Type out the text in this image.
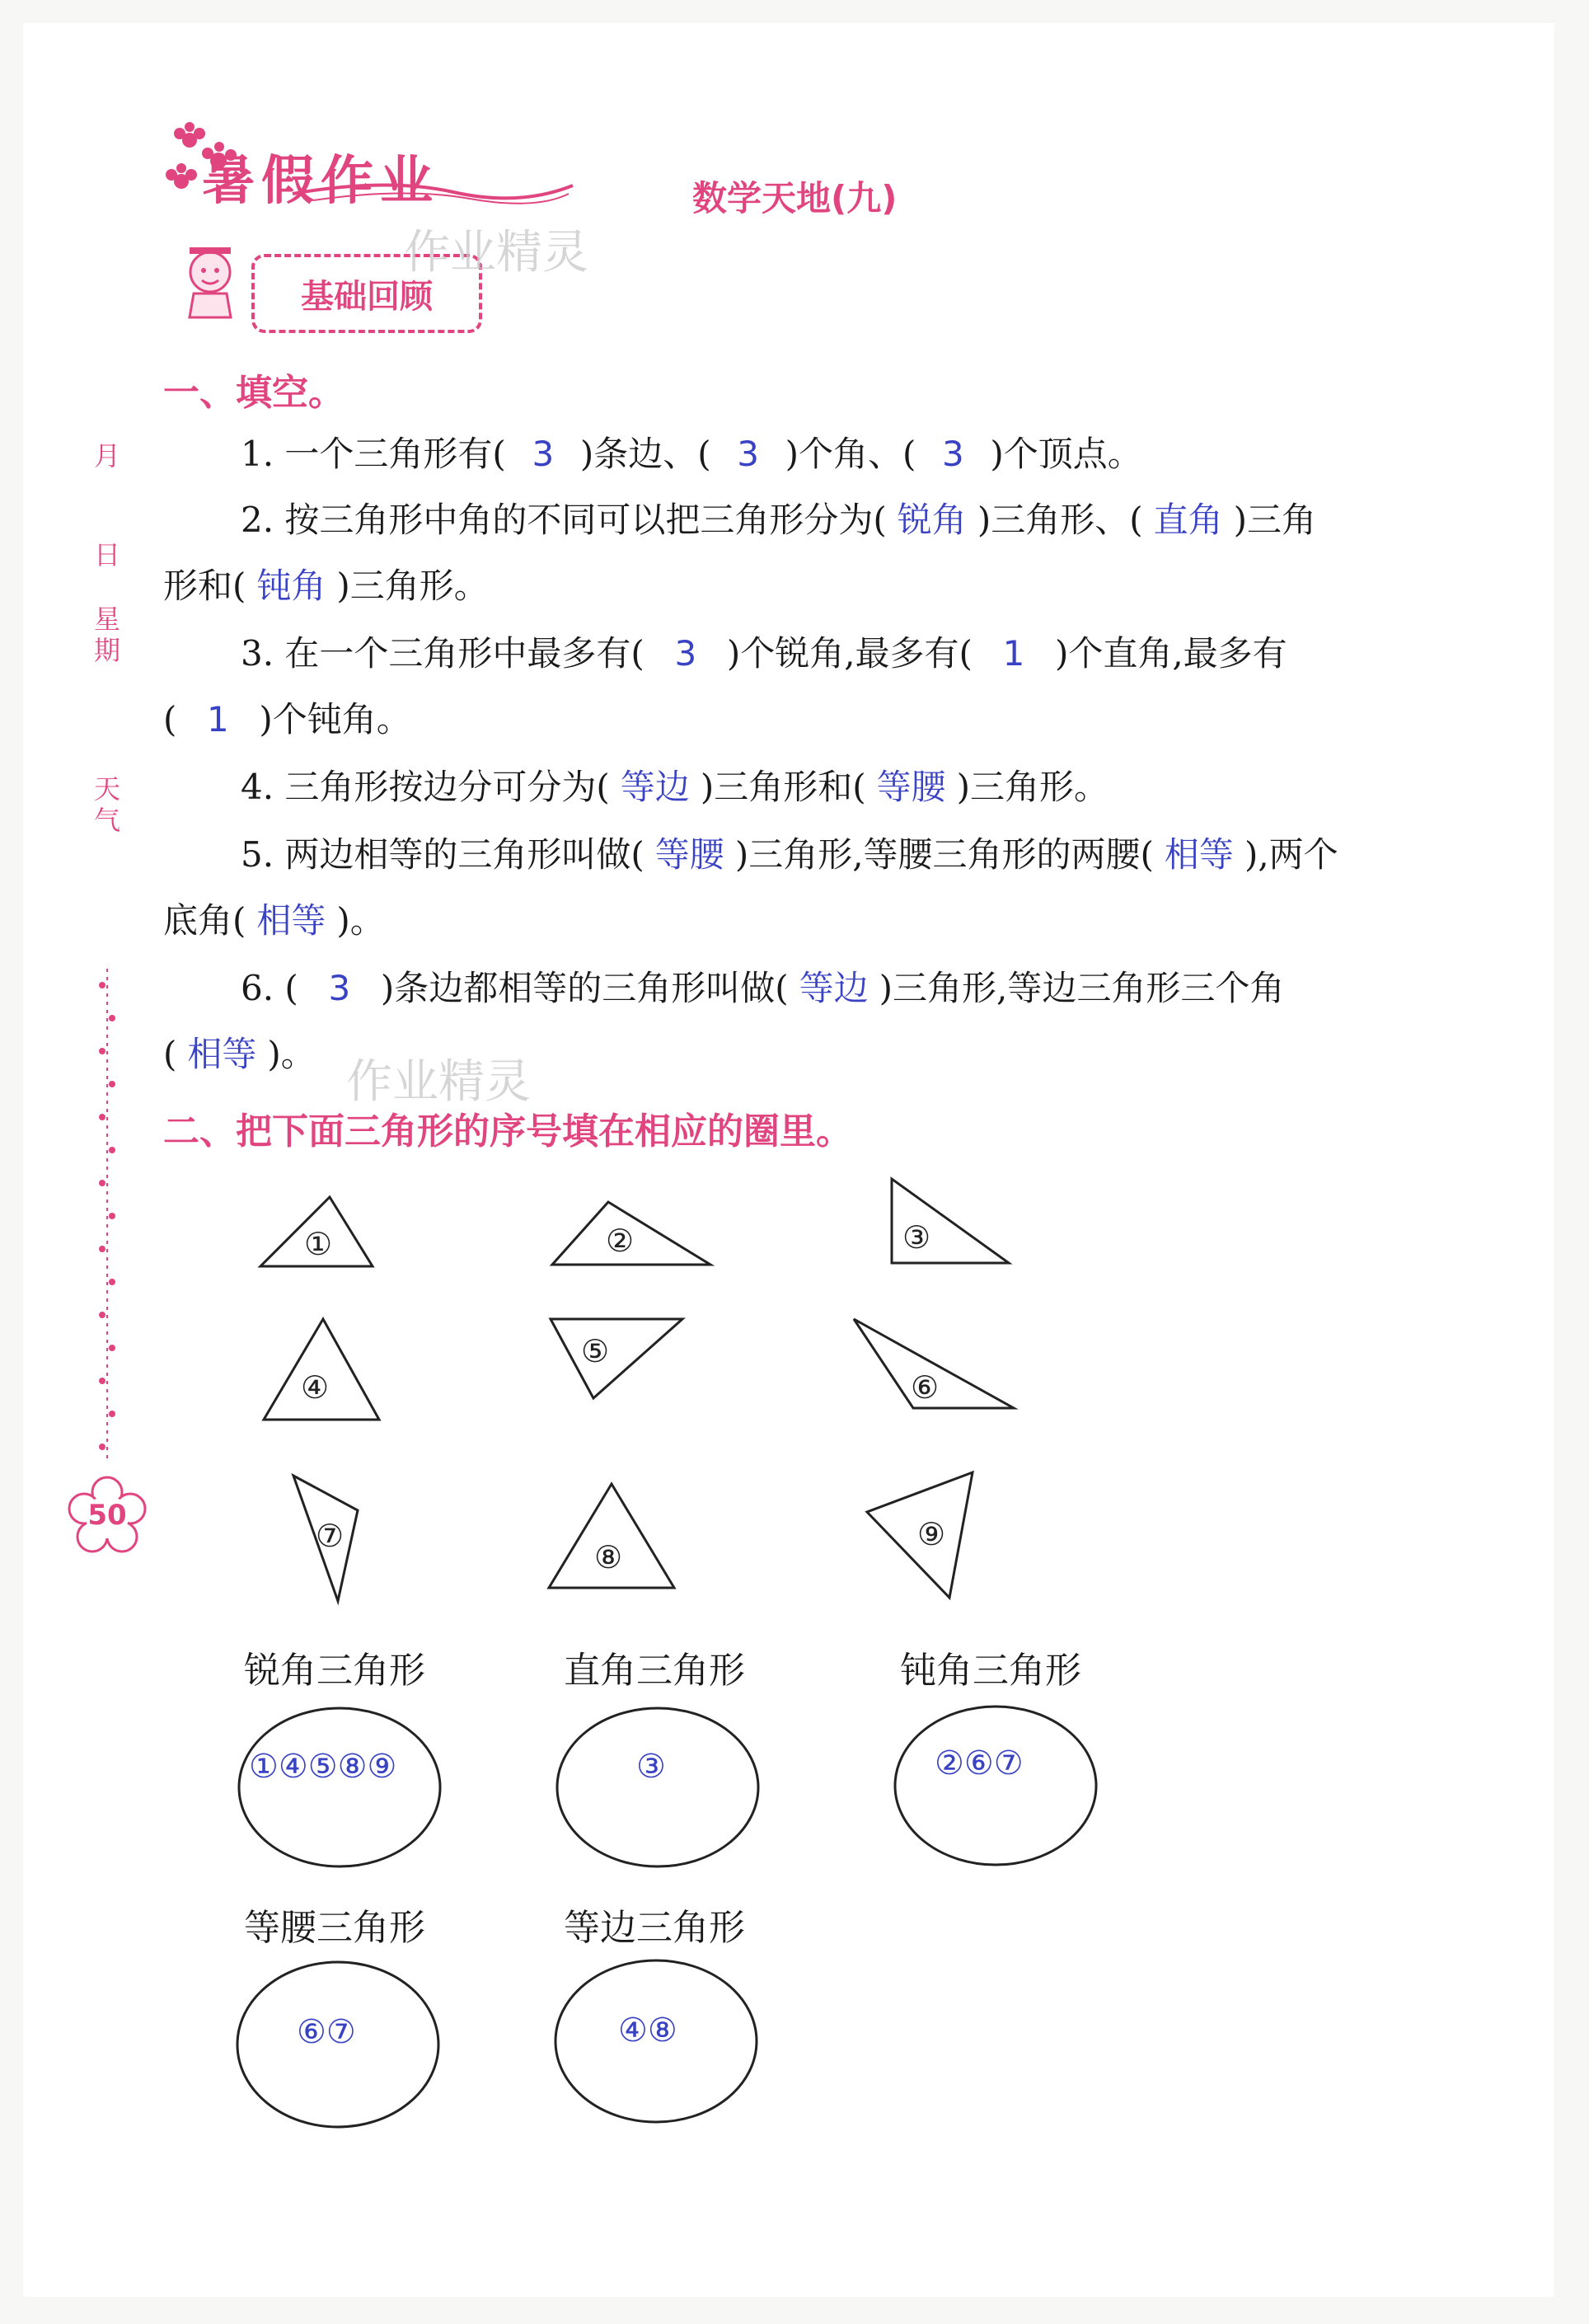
暑假作业	数学天地(九)
基础回顾
作业精灵
作业精灵
月
日
星期
天气
50
一、填空。
1. 一个三角形有( 3 )条边、( 3 )个角、( 3 )个顶点。
2. 按三角形中角的不同可以把三角形分为( 锐角 )三角形、( 直角 )三角
形和( 钝角 )三角形。
3. 在一个三角形中最多有( 3 )个锐角,最多有( 1 )个直角,最多有
( 1 )个钝角。
4. 三角形按边分可分为( 等边 )三角形和( 等腰 )三角形。
5. 两边相等的三角形叫做( 等腰 )三角形,等腰三角形的两腰( 相等 ),两个
底角( 相等 )。
6. ( 3 )条边都相等的三角形叫做( 等边 )三角形,等边三角形三个角
( 相等 )。
二、把下面三角形的序号填在相应的圈里。
①	②	③
④
⑤
⑥
⑦
⑧
⑨
锐角三角形	直角三角形	钝角三角形
等腰三角形	等边三角形
①④⑤⑧⑨	③	②⑥⑦
⑥⑦	④⑧
